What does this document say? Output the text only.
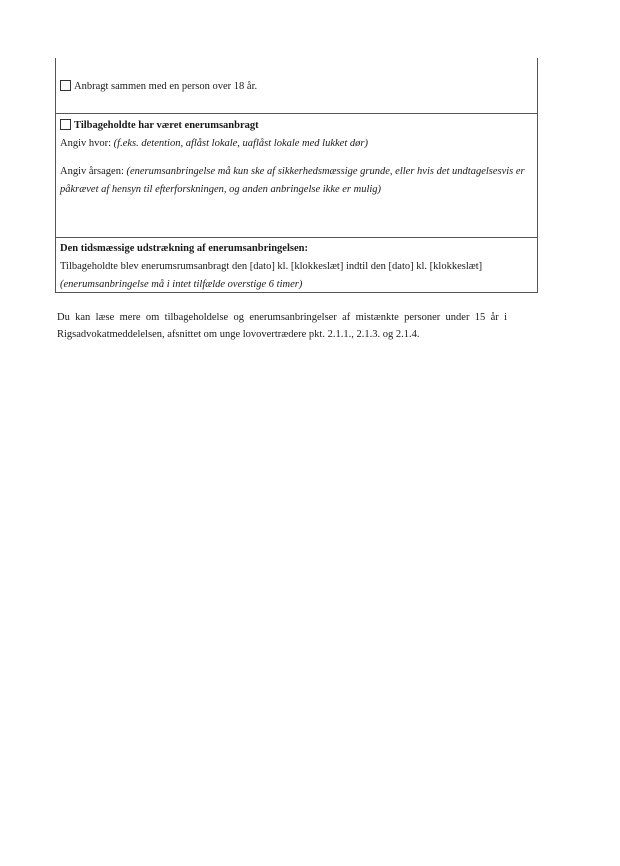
Anbragt sammen med en person over 18 år.
Tilbageholdte har været enerumsanbragt
Angiv hvor: (f.eks. detention, aflåst lokale, uaflåst lokale med lukket dør)
Angiv årsagen: (enerumsanbringelse må kun ske af sikkerhedsmæssige grunde, eller hvis det undtagelsesvis er påkrævet af hensyn til efterforskningen, og anden anbringelse ikke er mulig)
Den tidsmæssige udstrækning af enerumsanbringelsen:
Tilbageholdte blev enerumsrumsanbragt den [dato] kl. [klokkeslæt] indtil den [dato] kl. [klokkeslæt] (enerumsanbringelse må i intet tilfælde overstige 6 timer)
Du kan læse mere om tilbageholdelse og enerumsanbringelser af mistænkte personer under 15 år i Rigsadvokatmeddelelsen, afsnittet om unge lovovertrædere pkt. 2.1.1., 2.1.3. og 2.1.4.
